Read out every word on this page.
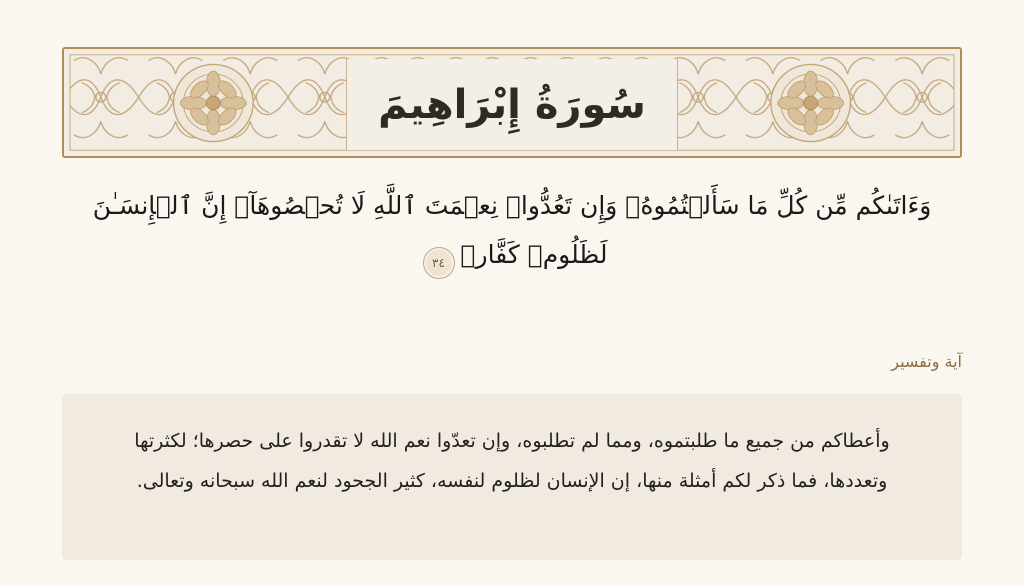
سُورَةُ إِبْرَاهِيمَ
وَءَاتَىٰكُم مِّن كُلِّ مَا سَأَلۡتُمُوهُۚ وَإِن تَعُدُّوا۟ نِعۡمَتَ ٱللَّهِ لَا تُحۡصُوهَآۗ إِنَّ ٱلۡإِنسَـٰنَ
لَظَلُومٞ كَفَّارٞ٣٤
آية وتفسير
وأعطاكم من جميع ما طلبتموه، ومما لم تطلبوه، وإن تعدّوا نعم الله لا تقدروا على حصرها؛ لكثرتها وتعددها، فما ذكر لكم أمثلة منها، إن الإنسان لظلوم لنفسه، كثير الجحود لنعم الله سبحانه وتعالى.
